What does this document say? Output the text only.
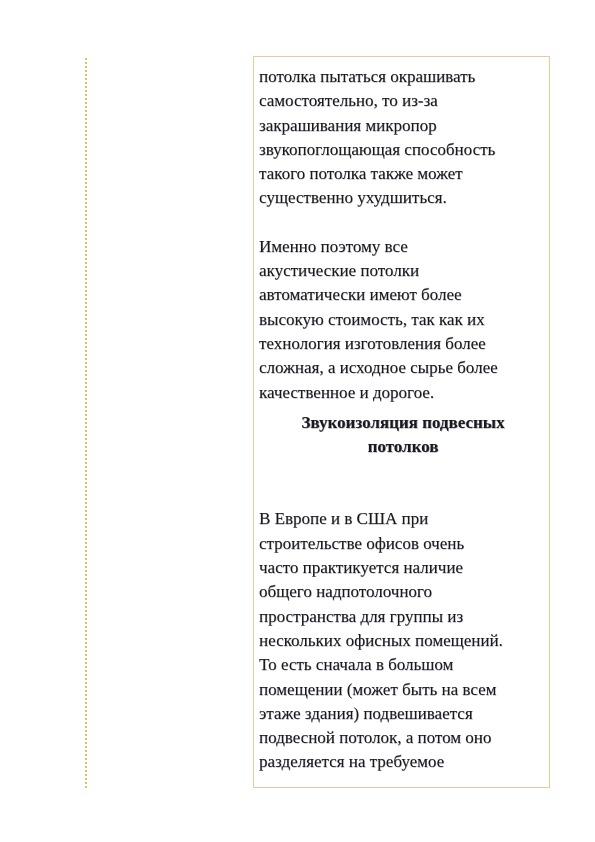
потолка пытаться окрашивать
самостоятельно, то из-за
закрашивания микропор
звукопоглощающая способность
такого потолка также может
существенно ухудшиться.

Именно поэтому все
акустические потолки
автоматически имеют более
высокую стоимость, так как их
технология изготовления более
сложная, а исходное сырье более
качественное и дорогое.

Звукоизоляция подвесных
потолков

В Европе и в США при
строительстве офисов очень
часто практикуется наличие
общего надпотолочного
пространства для группы из
нескольких офисных помещений.
То есть сначала в большом
помещении (может быть на всем
этаже здания) подвешивается
подвесной потолок, а потом оно
разделяется на требуемое
